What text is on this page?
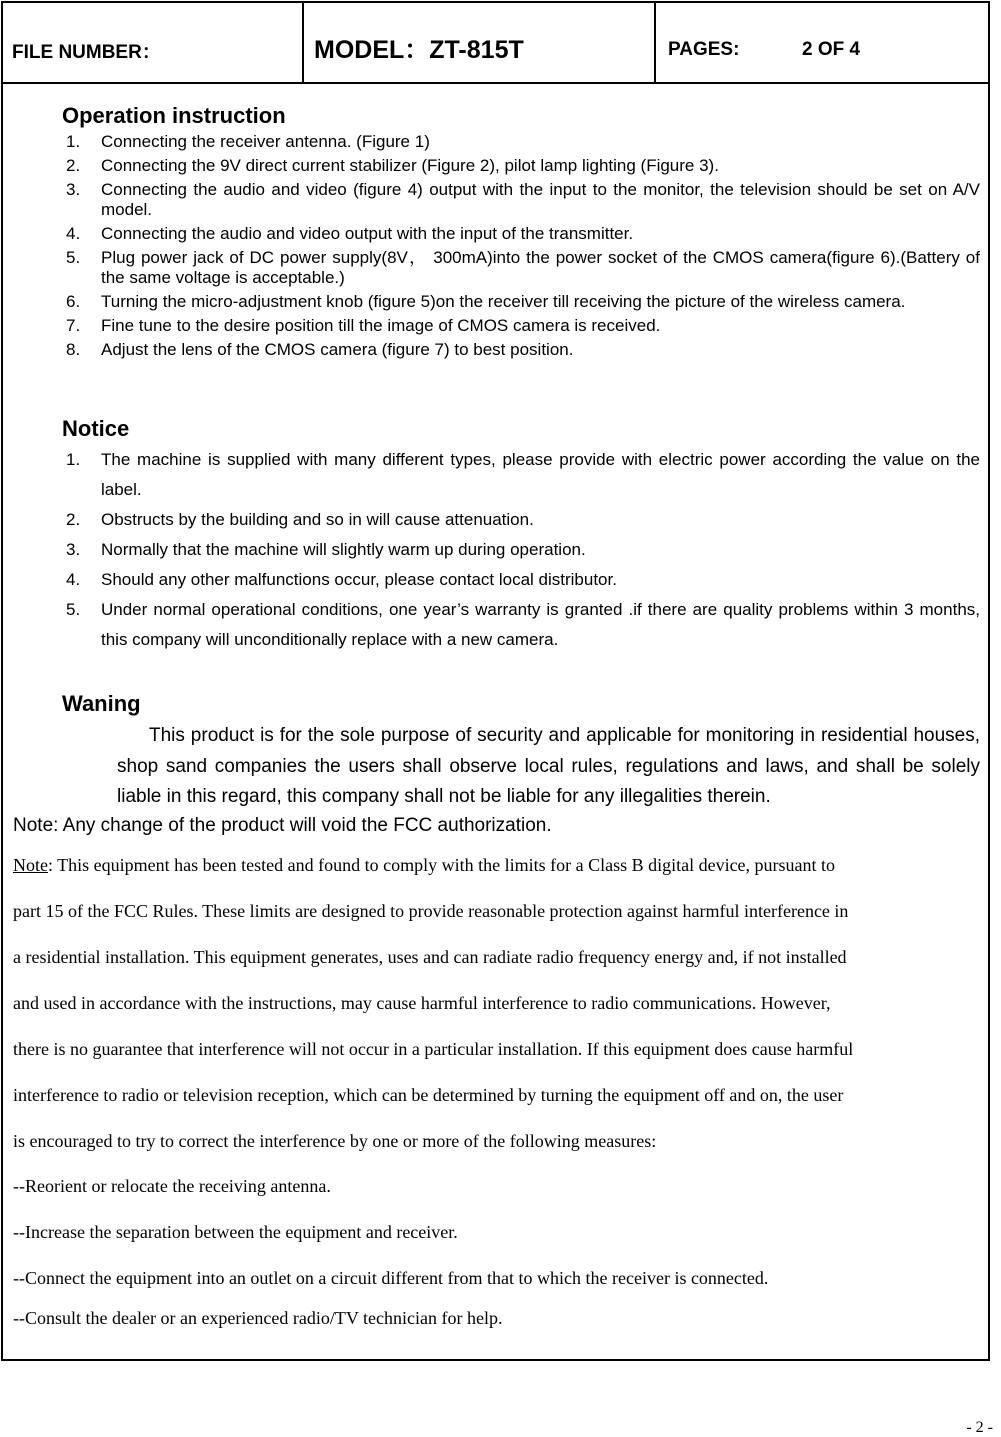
FILE NUMBER：	MODEL：ZT-815T	PAGES:	2 OF 4
Operation instruction
1. Connecting the receiver antenna. (Figure 1)
2. Connecting the 9V direct current stabilizer (Figure 2), pilot lamp lighting (Figure 3).
3. Connecting the audio and video (figure 4) output with the input to the monitor, the television should be set on A/V model.
4. Connecting the audio and video output with the input of the transmitter.
5. Plug power jack of DC power supply(8V， 300mA)into the power socket of the CMOS camera(figure 6).(Battery of the same voltage is acceptable.)
6. Turning the micro-adjustment knob (figure 5)on the receiver till receiving the picture of the wireless camera.
7. Fine tune to the desire position till the image of CMOS camera is received.
8. Adjust the lens of the CMOS camera (figure 7) to best position.
Notice
1. The machine is supplied with many different types, please provide with electric power according the value on the label.
2. Obstructs by the building and so in will cause attenuation.
3. Normally that the machine will slightly warm up during operation.
4. Should any other malfunctions occur, please contact local distributor.
5. Under normal operational conditions, one year’s warranty is granted .if there are quality problems within 3 months, this company will unconditionally replace with a new camera.
Waning

This product is for the sole purpose of security and applicable for monitoring in residential houses, shop sand companies the users shall observe local rules, regulations and laws, and shall be solely liable in this regard, this company shall not be liable for any illegalities therein.

Note: Any change of the product will void the FCC authorization.

Note: This equipment has been tested and found to comply with the limits for a Class B digital device, pursuant to

part 15 of the FCC Rules. These limits are designed to provide reasonable protection against harmful interference in

a residential installation. This equipment generates, uses and can radiate radio frequency energy and, if not installed

and used in accordance with the instructions, may cause harmful interference to radio communications. However,

there is no guarantee that interference will not occur in a particular installation. If this equipment does cause harmful

interference to radio or television reception, which can be determined by turning the equipment off and on, the user

is encouraged to try to correct the interference by one or more of the following measures:

--Reorient or relocate the receiving antenna.
--Increase the separation between the equipment and receiver.
--Connect the equipment into an outlet on a circuit different from that to which the receiver is connected.
--Consult the dealer or an experienced radio/TV technician for help.
- 2 -
